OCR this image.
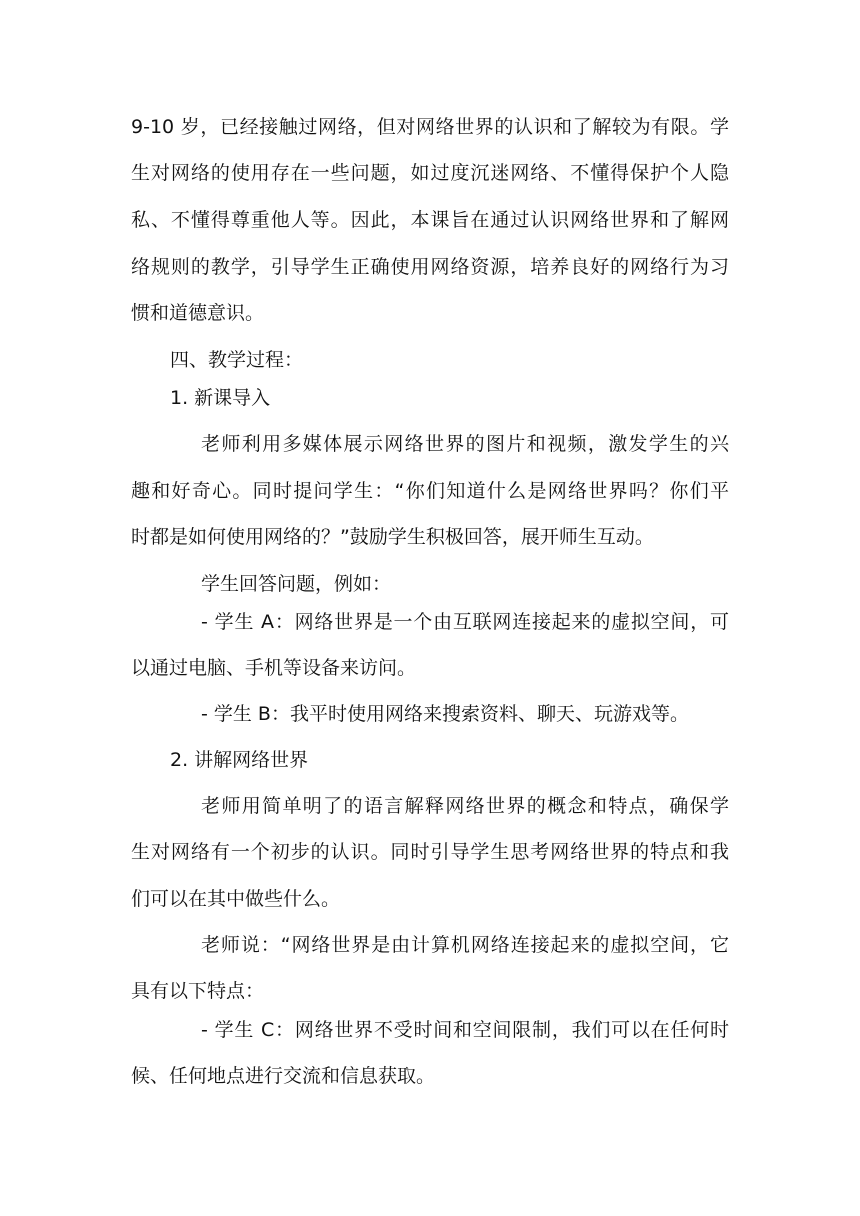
9-10 岁，已经接触过网络，但对网络世界的认识和了解较为有限。学
生对网络的使用存在一些问题，如过度沉迷网络、不懂得保护个人隐
私、不懂得尊重他人等。因此，本课旨在通过认识网络世界和了解网
络规则的教学，引导学生正确使用网络资源，培养良好的网络行为习
惯和道德意识。
四、教学过程：
1. 新课导入
老师利用多媒体展示网络世界的图片和视频，激发学生的兴
趣和好奇心。同时提问学生：“你们知道什么是网络世界吗？你们平
时都是如何使用网络的？”鼓励学生积极回答，展开师生互动。
学生回答问题，例如：
- 学生 A：网络世界是一个由互联网连接起来的虚拟空间，可
以通过电脑、手机等设备来访问。
- 学生 B：我平时使用网络来搜索资料、聊天、玩游戏等。
2. 讲解网络世界
老师用简单明了的语言解释网络世界的概念和特点，确保学
生对网络有一个初步的认识。同时引导学生思考网络世界的特点和我
们可以在其中做些什么。
老师说：“网络世界是由计算机网络连接起来的虚拟空间，它
具有以下特点：
- 学生 C：网络世界不受时间和空间限制，我们可以在任何时
候、任何地点进行交流和信息获取。
